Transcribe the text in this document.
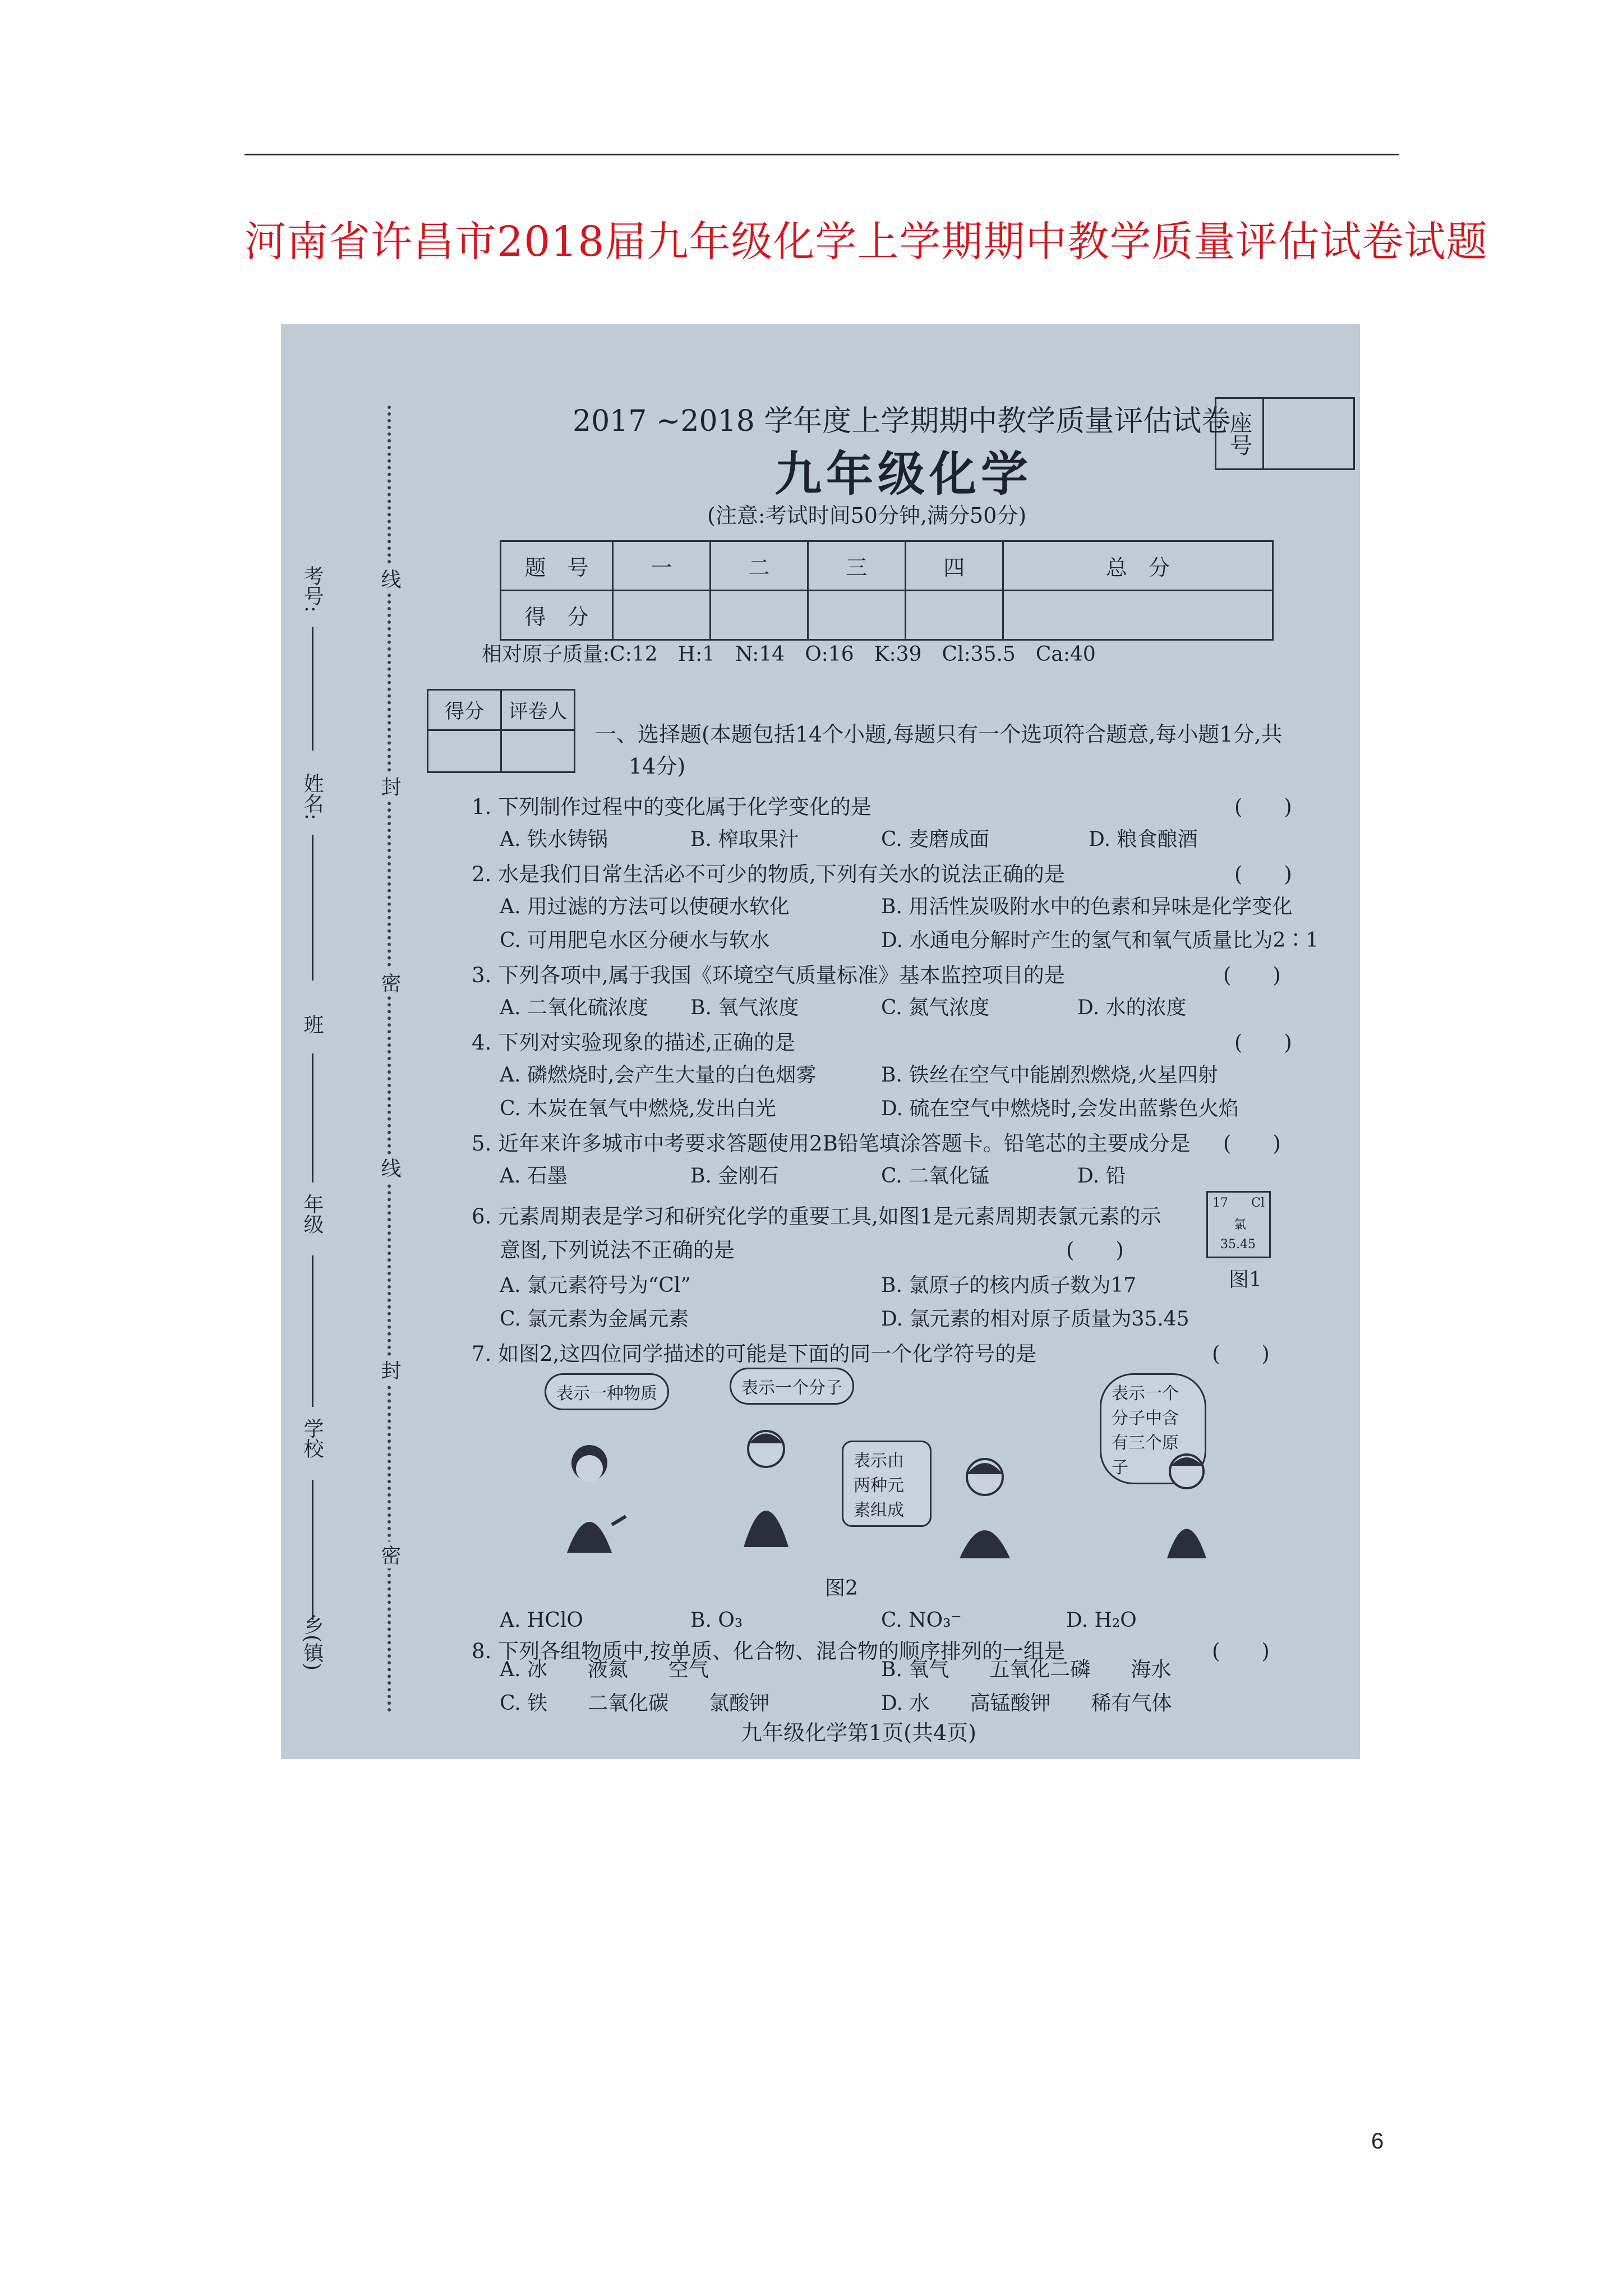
河南省许昌市2018届九年级化学上学期期中教学质量评估试卷试题
线
封
密
线
封
密
考号:
姓名:
班
年级
学校
乡(镇)
2017 ~2018 学年度上学期期中教学质量评估试卷
九年级化学
(注意:考试时间50分钟,满分50分)
座号
题　号	一	二	三	四	总　分
得　分					
相对原子质量:C:12　H:1　N:14　O:16　K:39　Cl:35.5　Ca:40
得分	评卷人
一、选择题(本题包括14个小题,每题只有一个选项符合题意,每小题1分,共
14分)
1. 下列制作过程中的变化属于化学变化的是	(　　)
A. 铁水铸锅	B. 榨取果汁	C. 麦磨成面	D. 粮食酿酒
2. 水是我们日常生活必不可少的物质,下列有关水的说法正确的是	(　　)
A. 用过滤的方法可以使硬水软化	B. 用活性炭吸附水中的色素和异味是化学变化
C. 可用肥皂水区分硬水与软水	D. 水通电分解时产生的氢气和氧气质量比为2∶1
3. 下列各项中,属于我国《环境空气质量标准》基本监控项目的是	(　　)
A. 二氧化硫浓度 B. 氧气浓度	C. 氮气浓度	D. 水的浓度
4. 下列对实验现象的描述,正确的是	(　　)
A. 磷燃烧时,会产生大量的白色烟雾	B. 铁丝在空气中能剧烈燃烧,火星四射
C. 木炭在氧气中燃烧,发出白光	D. 硫在空气中燃烧时,会发出蓝紫色火焰
5. 近年来许多城市中考要求答题使用2B铅笔填涂答题卡。铅笔芯的主要成分是 (　　)
A. 石墨	B. 金刚石	C. 二氧化锰	D. 铅
6. 元素周期表是学习和研究化学的重要工具,如图1是元素周期表氯元素的示
意图,下列说法不正确的是	(　　)
A. 氯元素符号为“Cl”	B. 氯原子的核内质子数为17
C. 氯元素为金属元素	D. 氯元素的相对原子质量为35.45
17 Cl
氯
35.45
图1
7. 如图2,这四位同学描述的可能是下面的同一个化学符号的是	(　　)
表示一种物质	表示一个分子
表示由两种元素组成
表示一个分子中含有三个原子
图2
A. HClO	B. O₃	C. NO₃⁻	D. H₂O
8. 下列各组物质中,按单质、化合物、混合物的顺序排列的一组是	(　　)
A. 冰　　液氮　　空气	B. 氧气　　五氧化二磷　　海水
C. 铁　　二氧化碳　　氯酸钾	D. 水　　高锰酸钾　　稀有气体
九年级化学第1页(共4页)
6
